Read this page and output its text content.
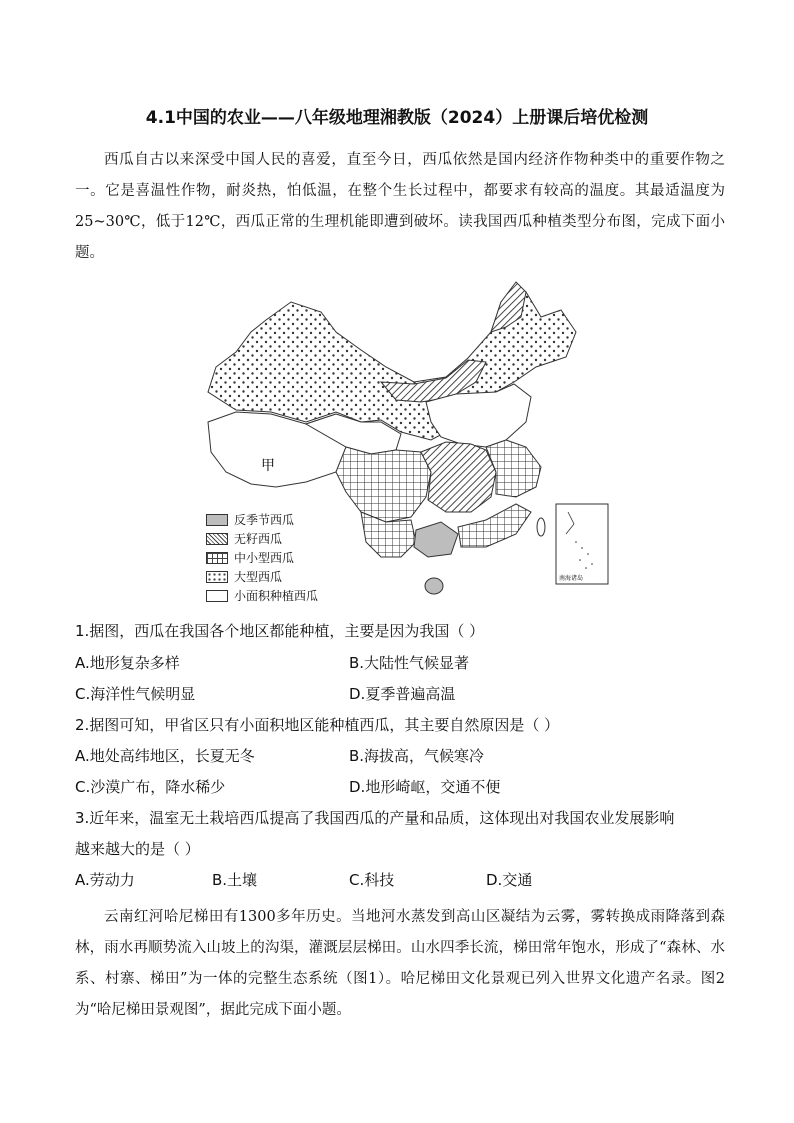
4.1中国的农业——八年级地理湘教版（2024）上册课后培优检测
西瓜自古以来深受中国人民的喜爱，直至今日，西瓜依然是国内经济作物种类中的重要作物之一。它是喜温性作物，耐炎热，怕低温，在整个生长过程中，都要求有较高的温度。其最适温度为25~30℃，低于12℃，西瓜正常的生理机能即遭到破坏。读我国西瓜种植类型分布图，完成下面小题。
甲
南海诸岛
反季节西瓜
无籽西瓜
中小型西瓜
大型西瓜
小面积种植西瓜
1.据图，西瓜在我国各个地区都能种植，主要是因为我国（ ）
A.地形复杂多样	B.大陆性气候显著
C.海洋性气候明显	D.夏季普遍高温
2.据图可知，甲省区只有小面积地区能种植西瓜，其主要自然原因是（ ）
A.地处高纬地区，长夏无冬	B.海拔高，气候寒冷
C.沙漠广布，降水稀少	D.地形崎岖，交通不便
3.近年来，温室无土栽培西瓜提高了我国西瓜的产量和品质，这体现出对我国农业发展影响
越来越大的是（ ）
A.劳动力	B.土壤	C.科技	D.交通
云南红河哈尼梯田有1300多年历史。当地河水蒸发到高山区凝结为云雾，雾转换成雨降落到森林，雨水再顺势流入山坡上的沟渠，灌溉层层梯田。山水四季长流，梯田常年饱水，形成了“森林、水系、村寨、梯田”为一体的完整生态系统（图1）。哈尼梯田文化景观已列入世界文化遗产名录。图2为“哈尼梯田景观图”，据此完成下面小题。
